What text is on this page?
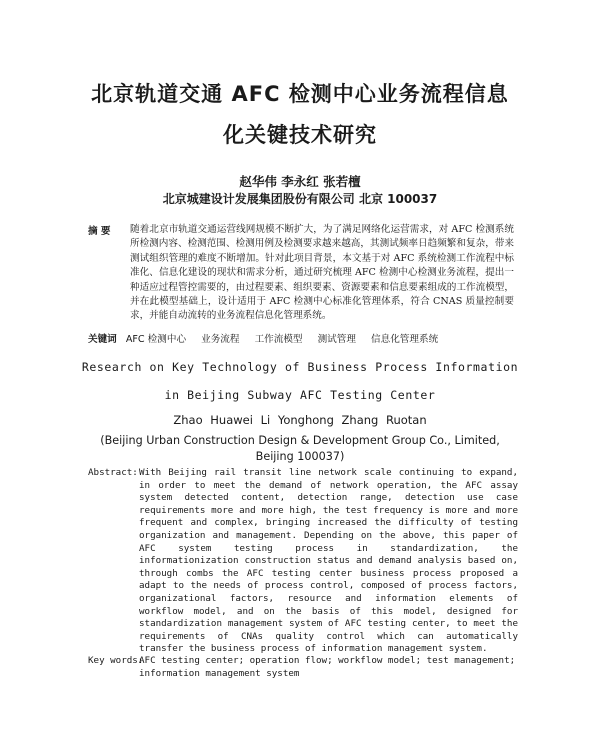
北京轨道交通 AFC 检测中心业务流程信息
化关键技术研究
赵华伟 李永红 张若檀
北京城建设计发展集团股份有限公司 北京 100037
摘 要 随着北京市轨道交通运营线网规模不断扩大，为了满足网络化运营需求，对 AFC 检测系统所检测内容、检测范围、检测用例及检测要求越来越高，其测试频率日趋频繁和复杂，带来测试组织管理的难度不断增加。针对此项目背景，本文基于对 AFC 系统检测工作流程中标准化、信息化建设的现状和需求分析，通过研究梳理 AFC 检测中心检测业务流程，提出一种适应过程管控需要的，由过程要素、组织要素、资源要素和信息要素组成的工作流模型，并在此模型基础上，设计适用于 AFC 检测中心标准化管理体系，符合 CNAS 质量控制要求，并能自动流转的业务流程信息化管理系统。
关键词 AFC 检测中心 业务流程 工作流模型 测试管理 信息化管理系统
Research on Key Technology of Business Process Information
in Beijing Subway AFC Testing Center
Zhao Huawei Li Yonghong Zhang Ruotan
(Beijing Urban Construction Design & Development Group Co., Limited, Beijing 100037)
Abstract: With Beijing rail transit line network scale continuing to expand, in order to meet the demand of network operation, the AFC assay system detected content, detection range, detection use case requirements more and more high, the test frequency is more and more frequent and complex, bringing increased the difficulty of testing organization and management. Depending on the above, this paper of AFC system testing process in standardization, the informationization construction status and demand analysis based on, through combs the AFC testing center business process proposed a adapt to the needs of process control, composed of process factors, organizational factors, resource and information elements of workflow model, and on the basis of this model, designed for standardization management system of AFC testing center, to meet the requirements of CNAs quality control which can automatically transfer the business process of information management system.
Key words:
AFC testing center; operation flow; workflow model; test management; information management system
